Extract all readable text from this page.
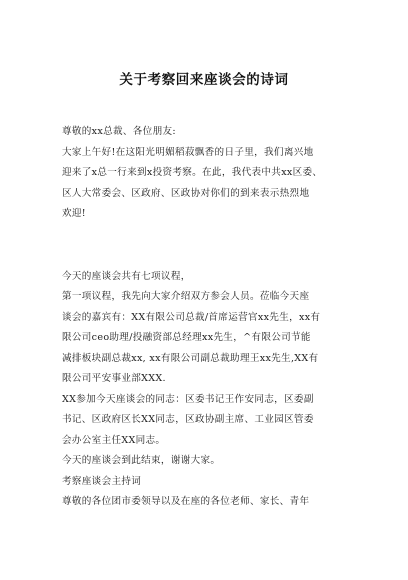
关于考察回来座谈会的诗词
尊敬的xx总裁、各位朋友:
大家上午好!在这阳光明媚稻菽飘香的日子里，我们离兴地
迎来了x总一行来到x投资考察。在此，我代表中共xx区委、
区人大常委会、区政府、区政协对你们的到来表示热烈地
欢迎!
今天的座谈会共有七项议程，
第一项议程，我先向大家介绍双方参会人员。莅临今天座
谈会的嘉宾有：XX有限公司总裁/首席运营官xx先生，xx有
限公司ceo助理/投融资部总经理xx先生，^有限公司节能
减排板块副总裁xx, xx有限公司副总裁助理王xx先生,XX有
限公司平安事业部XXX.
XX参加今天座谈会的同志：区委书记王作安同志，区委副
书记、区政府区长XX同志，区政协副主席、工业园区管委
会办公室主任XX同志。
今天的座谈会到此结束，谢谢大家。
考察座谈会主持词
尊敬的各位团市委领导以及在座的各位老师、家长、青年
